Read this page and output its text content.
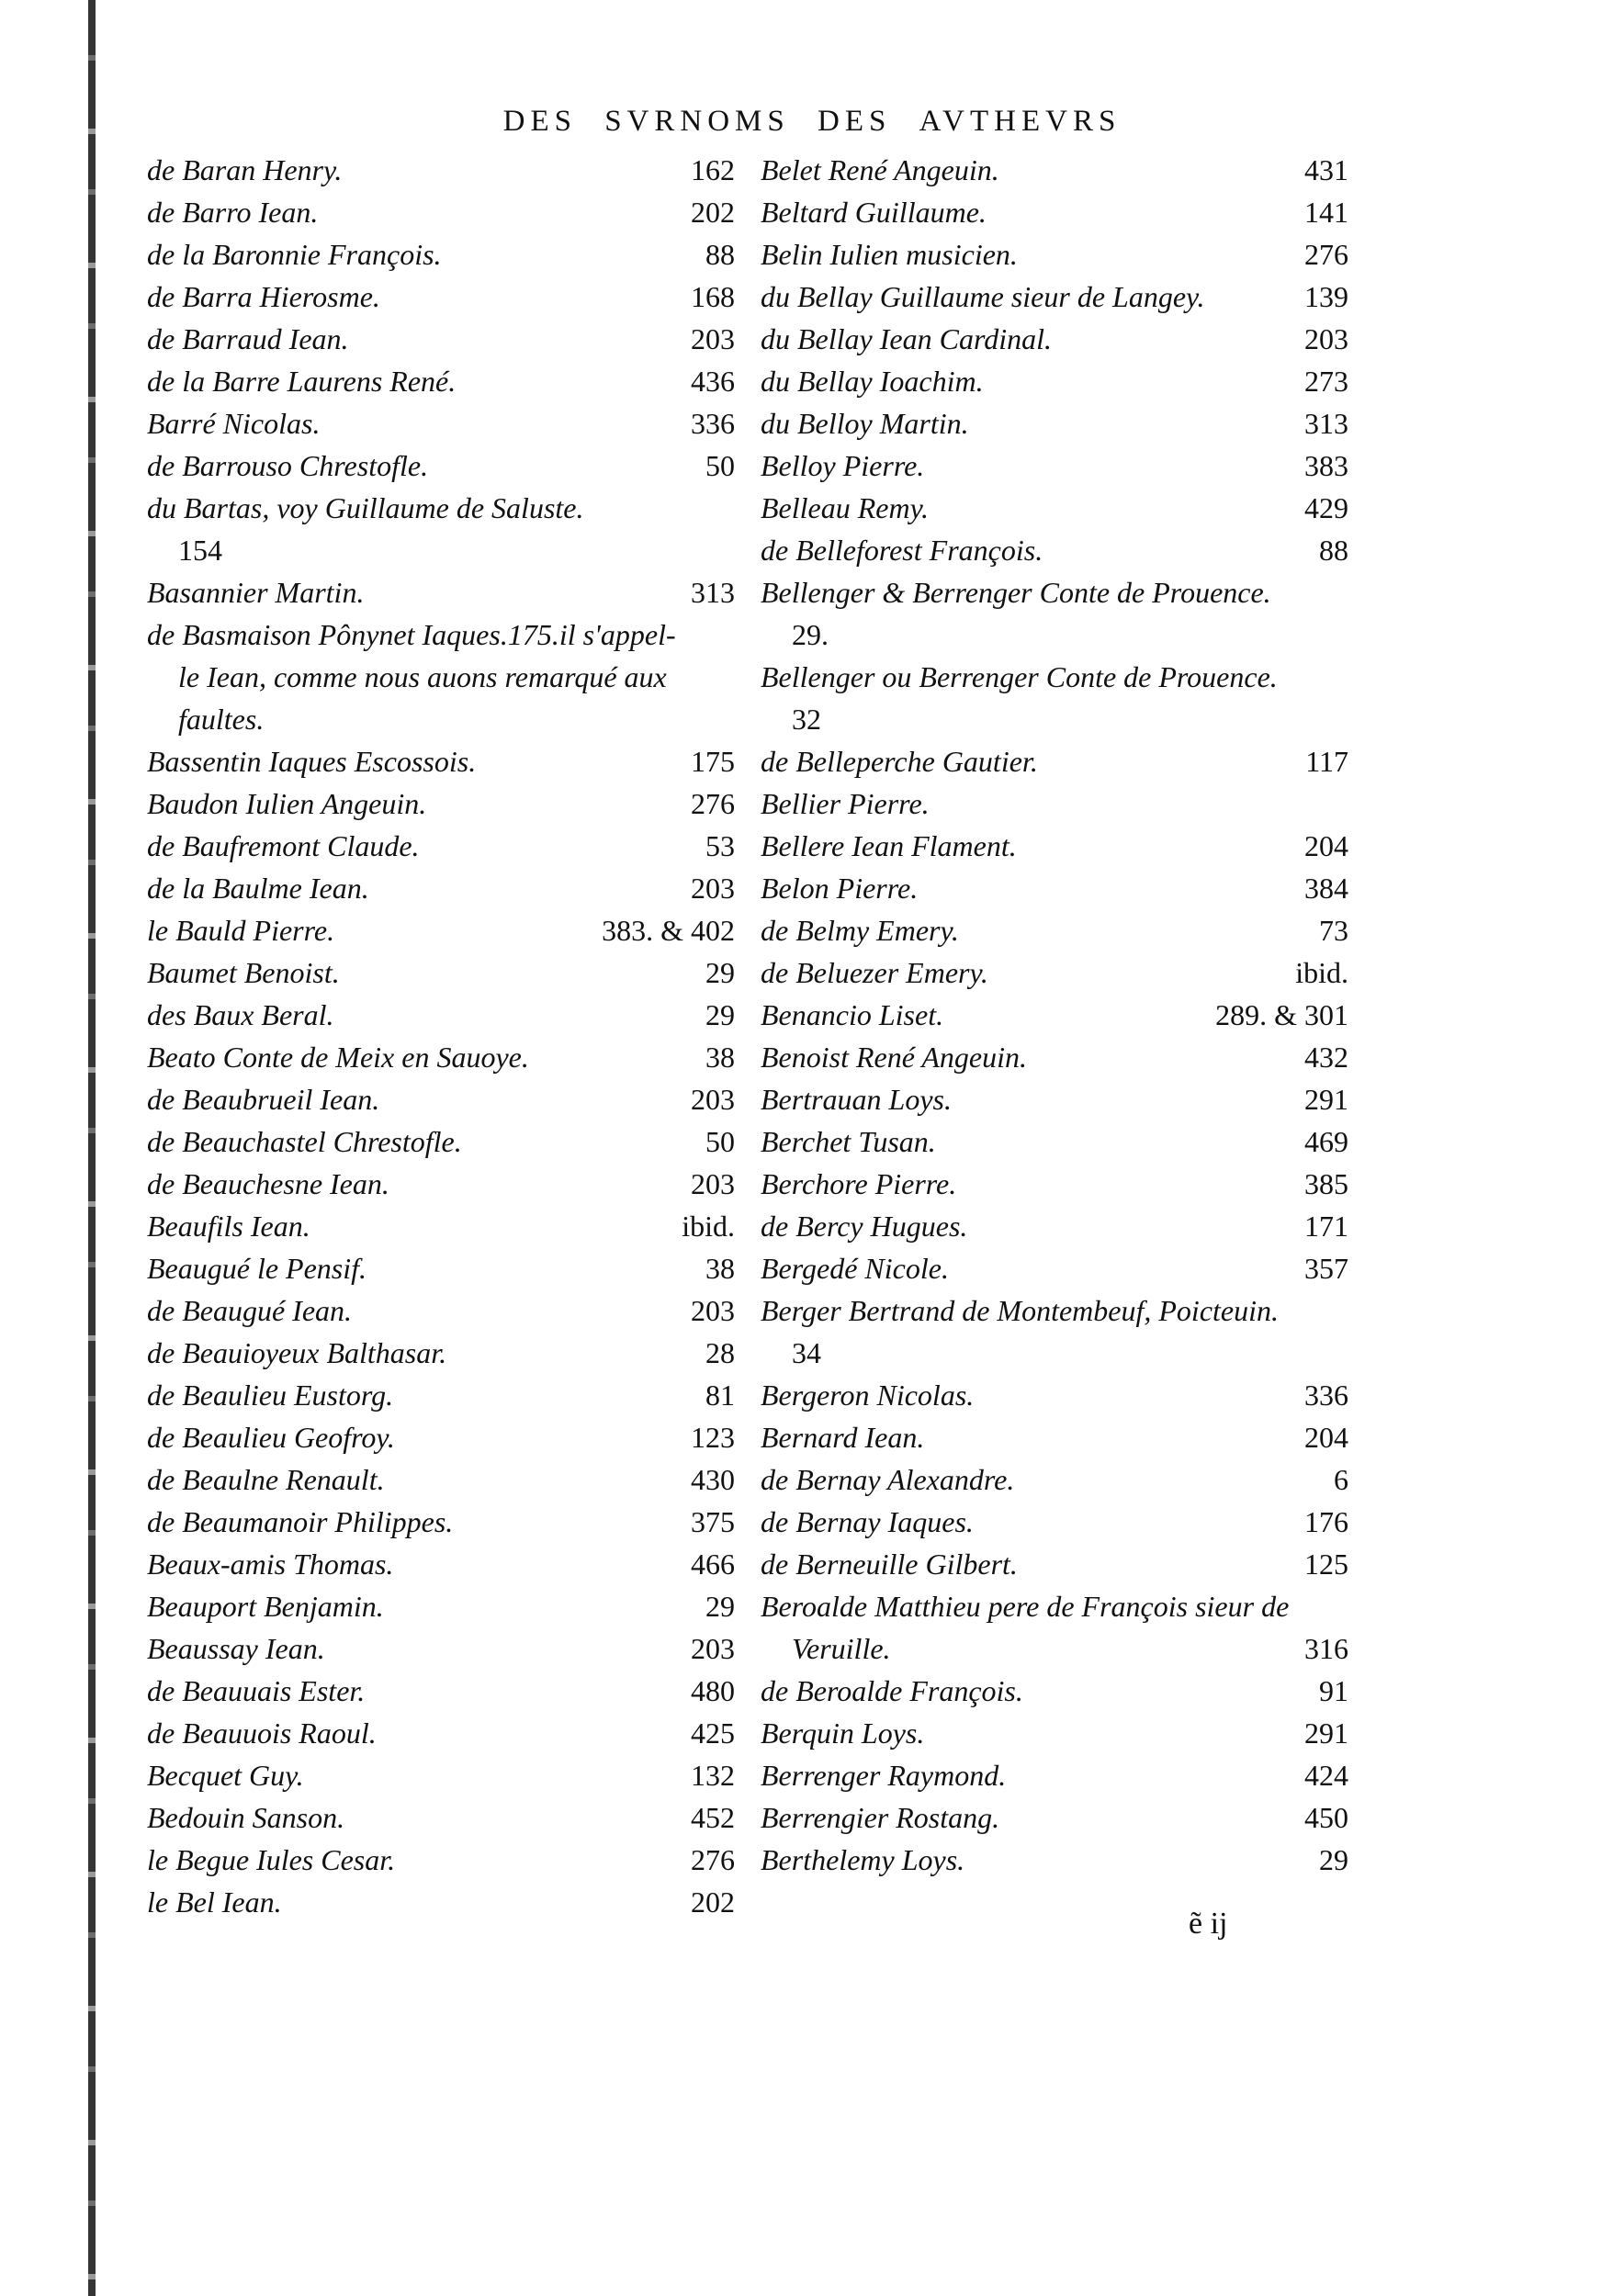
DES SVRNOMS DES AVTHEVRS
de Baran Henry.	162
de Barro Iean.	202
de la Baronnie François.	88
de Barra Hierosme.	168
de Barraud Iean.	203
de la Barre Laurens René.	436
Barré Nicolas.	336
de Barrouso Chrestofle.	50
du Bartas, voy Guillaume de Saluste.
154
Basannier Martin.	313
de Basmaison Pônynet Iaques.175.il s'appel-
le Iean, comme nous auons remarqué aux
faultes.
Bassentin Iaques Escossois.	175
Baudon Iulien Angeuin.	276
de Baufremont Claude.	53
de la Baulme Iean.	203
le Bauld Pierre.	383. & 402
Baumet Benoist.	29
des Baux Beral.	29
Beato Conte de Meix en Sauoye.	38
de Beaubrueil Iean.	203
de Beauchastel Chrestofle.	50
de Beauchesne Iean.	203
Beaufils Iean.	ibid.
Beaugué le Pensif.	38
de Beaugué Iean.	203
de Beauioyeux Balthasar.	28
de Beaulieu Eustorg.	81
de Beaulieu Geofroy.	123
de Beaulne Renault.	430
de Beaumanoir Philippes.	375
Beaux-amis Thomas.	466
Beauport Benjamin.	29
Beaussay Iean.	203
de Beauuais Ester.	480
de Beauuois Raoul.	425
Becquet Guy.	132
Bedouin Sanson.	452
le Begue Iules Cesar.	276
le Bel Iean.	202
Belet René Angeuin.	431
Beltard Guillaume.	141
Belin Iulien musicien.	276
du Bellay Guillaume sieur de Langey.	139
du Bellay Iean Cardinal.	203
du Bellay Ioachim.	273
du Belloy Martin.	313
Belloy Pierre.	383
Belleau Remy.	429
de Belleforest François.	88
Bellenger & Berrenger Conte de Prouence.
29.
Bellenger ou Berrenger Conte de Prouence.
32
de Belleperche Gautier.	117
Bellier Pierre.
Bellere Iean Flament.	204
Belon Pierre.	384
de Belmy Emery.	73
de Beluezer Emery.	ibid.
Benancio Liset.	289. & 301
Benoist René Angeuin.	432
Bertrauan Loys.	291
Berchet Tusan.	469
Berchore Pierre.	385
de Bercy Hugues.	171
Bergedé Nicole.	357
Berger Bertrand de Montembeuf, Poicteuin.
34
Bergeron Nicolas.	336
Bernard Iean.	204
de Bernay Alexandre.	6
de Bernay Iaques.	176
de Berneuille Gilbert.	125
Beroalde Matthieu pere de François sieur de
Veruille.	316
de Beroalde François.	91
Berquin Loys.	291
Berrenger Raymond.	424
Berrengier Rostang.	450
Berthelemy Loys.	29
ẽ ij
